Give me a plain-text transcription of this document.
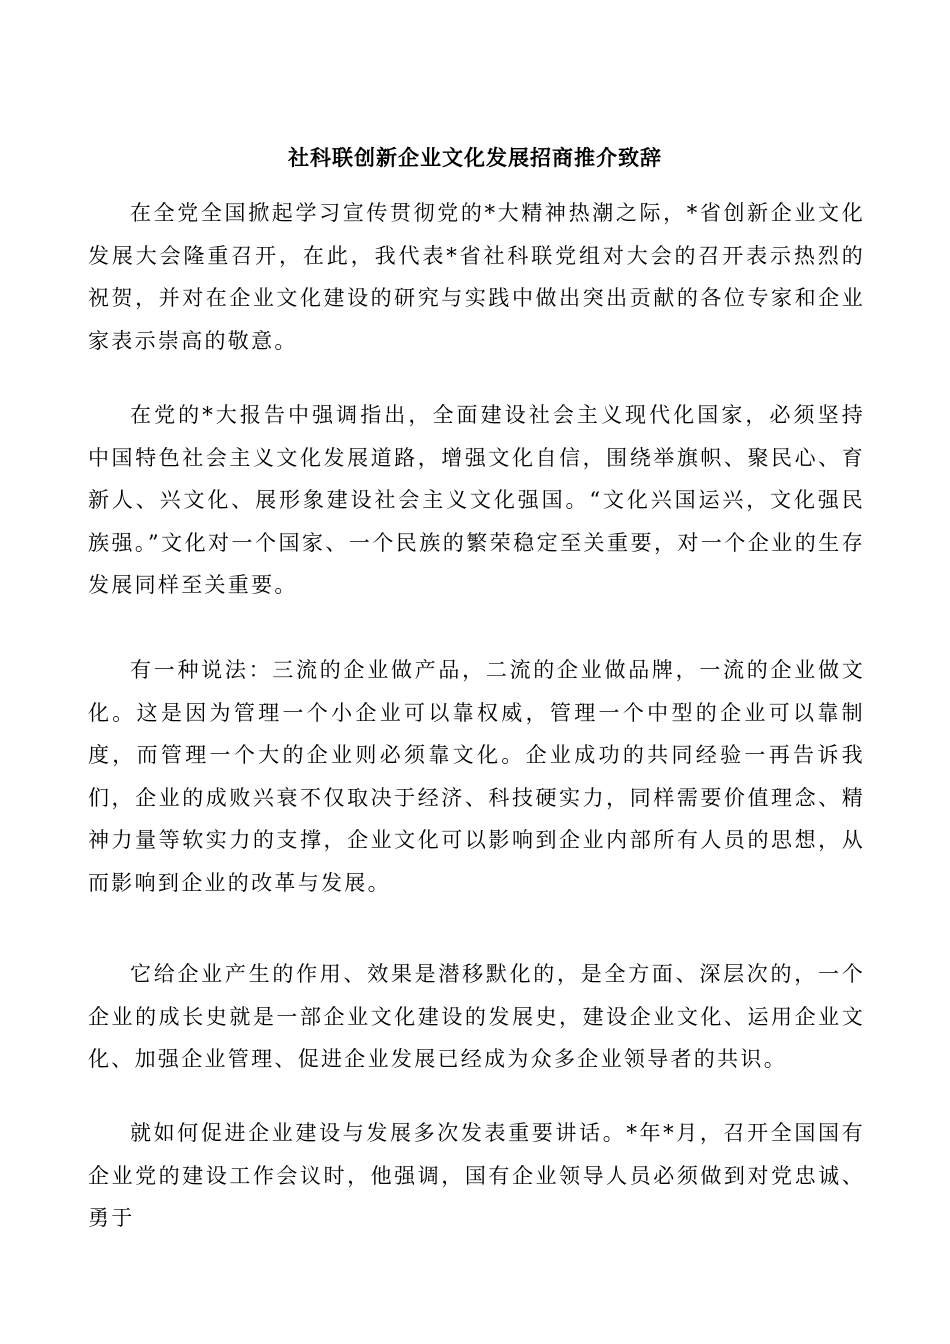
社科联创新企业文化发展招商推介致辞

在全党全国掀起学习宣传贯彻党的*大精神热潮之际，*省创新企业文化发展大会隆重召开，在此，我代表*省社科联党组对大会的召开表示热烈的祝贺，并对在企业文化建设的研究与实践中做出突出贡献的各位专家和企业家表示崇高的敬意。

在党的*大报告中强调指出，全面建设社会主义现代化国家，必须坚持中国特色社会主义文化发展道路，增强文化自信，围绕举旗帜、聚民心、育新人、兴文化、展形象建设社会主义文化强国。“文化兴国运兴，文化强民族强。”文化对一个国家、一个民族的繁荣稳定至关重要，对一个企业的生存发展同样至关重要。

有一种说法：三流的企业做产品，二流的企业做品牌，一流的企业做文化。这是因为管理一个小企业可以靠权威，管理一个中型的企业可以靠制度，而管理一个大的企业则必须靠文化。企业成功的共同经验一再告诉我们，企业的成败兴衰不仅取决于经济、科技硬实力，同样需要价值理念、精神力量等软实力的支撑，企业文化可以影响到企业内部所有人员的思想，从而影响到企业的改革与发展。

它给企业产生的作用、效果是潜移默化的，是全方面、深层次的，一个企业的成长史就是一部企业文化建设的发展史，建设企业文化、运用企业文化、加强企业管理、促进企业发展已经成为众多企业领导者的共识。

就如何促进企业建设与发展多次发表重要讲话。*年*月，召开全国国有企业党的建设工作会议时，他强调，国有企业领导人员必须做到对党忠诚、勇于
